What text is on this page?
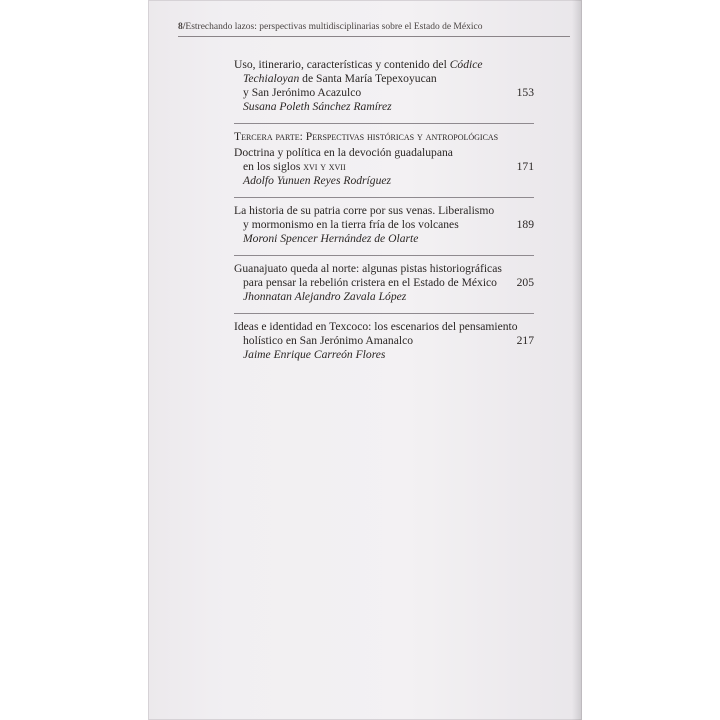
8/Estrechando lazos: perspectivas multidisciplinarias sobre el Estado de México
Uso, itinerario, características y contenido del Códice
Techialoyan de Santa María Tepexoyucan
y San Jerónimo Acazulco	153
Susana Poleth Sánchez Ramírez
Tercera parte: Perspectivas históricas y antropológicas
Doctrina y política en la devoción guadalupana
en los siglos xvi y xvii	171
Adolfo Yunuen Reyes Rodríguez
La historia de su patria corre por sus venas. Liberalismo
y mormonismo en la tierra fría de los volcanes	189
Moroni Spencer Hernández de Olarte
Guanajuato queda al norte: algunas pistas historiográficas
para pensar la rebelión cristera en el Estado de México 205
Jhonnatan Alejandro Zavala López
Ideas e identidad en Texcoco: los escenarios del pensamiento
holístico en San Jerónimo Amanalco	217
Jaime Enrique Carreón Flores
